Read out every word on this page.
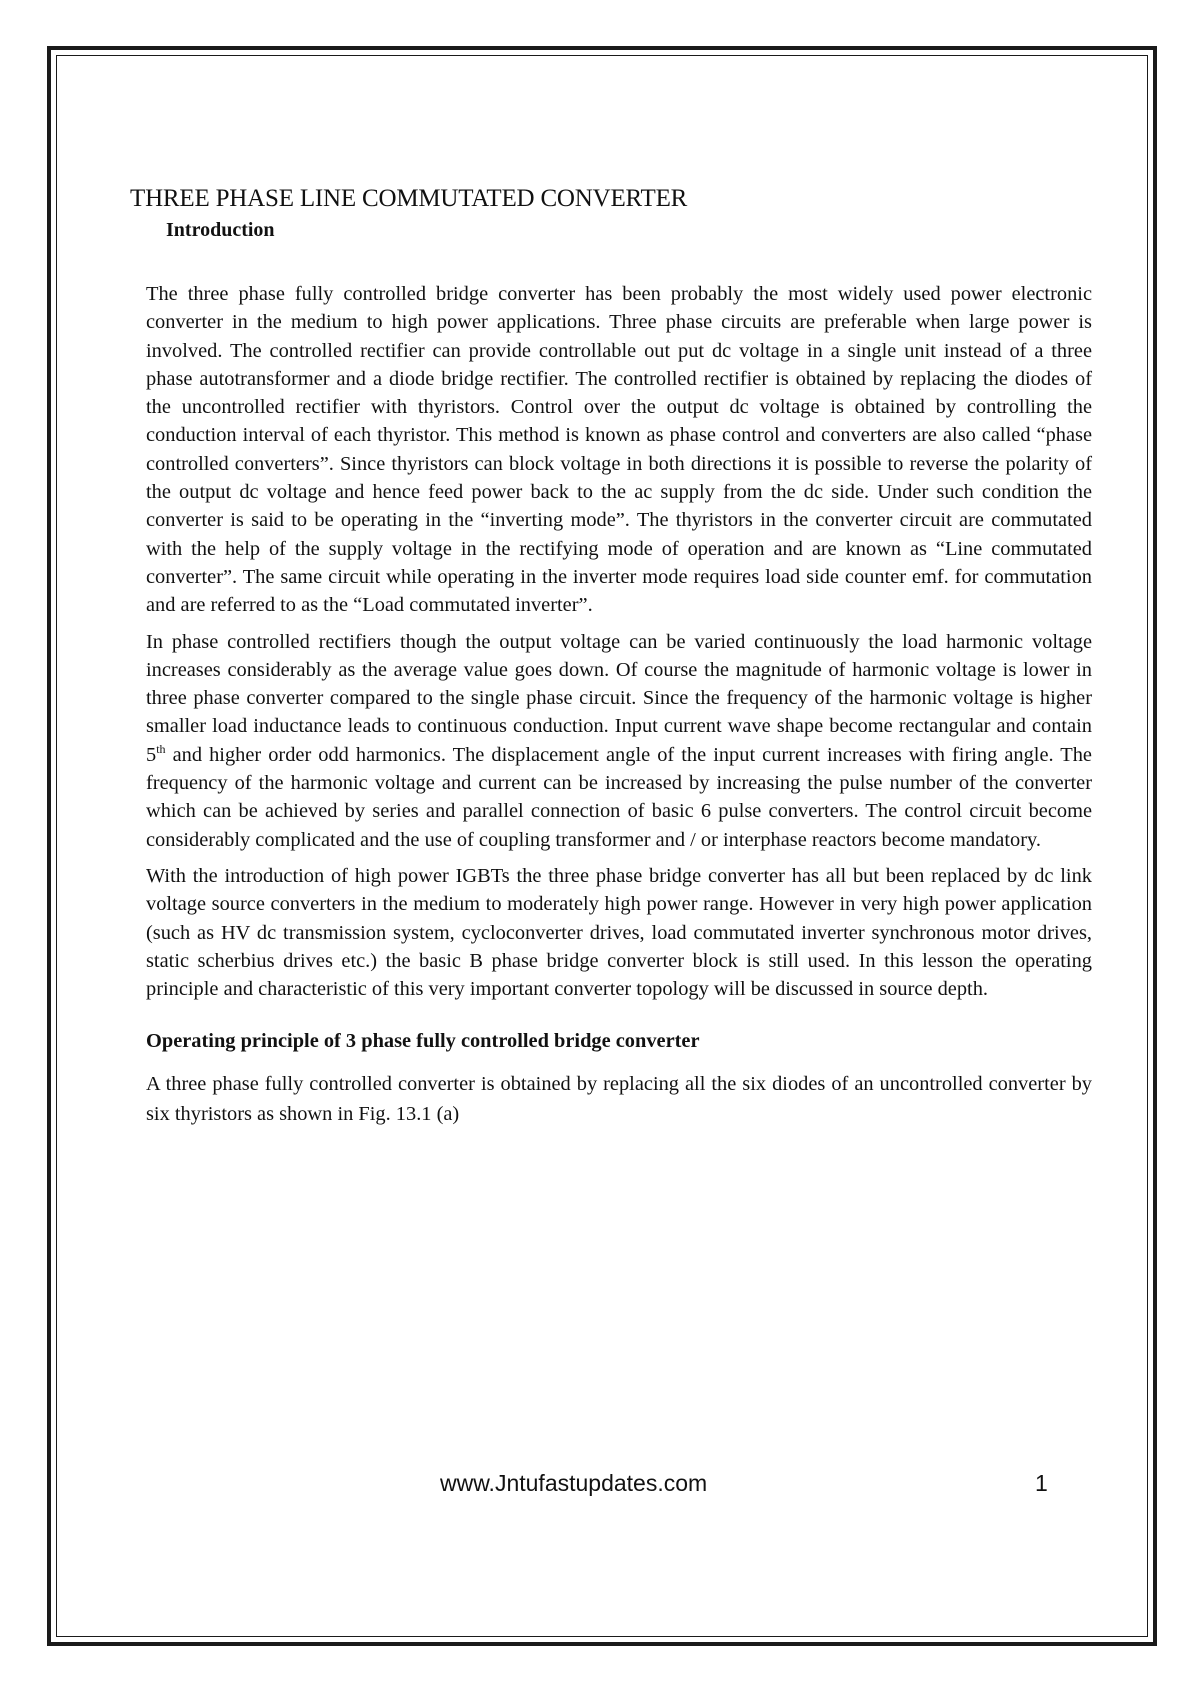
THREE PHASE LINE COMMUTATED CONVERTER
Introduction

The three phase fully controlled bridge converter has been probably the most widely used power electronic converter in the medium to high power applications. Three phase circuits are preferable when large power is involved. The controlled rectifier can provide controllable out put dc voltage in a single unit instead of a three phase autotransformer and a diode bridge rectifier. The controlled rectifier is obtained by replacing the diodes of the uncontrolled rectifier with thyristors. Control over the output dc voltage is obtained by controlling the conduction interval of each thyristor. This method is known as phase control and converters are also called “phase controlled converters”. Since thyristors can block voltage in both directions it is possible to reverse the polarity of the output dc voltage and hence feed power back to the ac supply from the dc side. Under such condition the converter is said to be operating in the “inverting mode”. The thyristors in the converter circuit are commutated with the help of the supply voltage in the rectifying mode of operation and are known as “Line commutated converter”. The same circuit while operating in the inverter mode requires load side counter emf. for commutation and are referred to as the “Load commutated inverter”.

In phase controlled rectifiers though the output voltage can be varied continuously the load harmonic voltage increases considerably as the average value goes down. Of course the magnitude of harmonic voltage is lower in three phase converter compared to the single phase circuit. Since the frequency of the harmonic voltage is higher smaller load inductance leads to continuous conduction. Input current wave shape become rectangular and contain 5th and higher order odd harmonics. The displacement angle of the input current increases with firing angle. The frequency of the harmonic voltage and current can be increased by increasing the pulse number of the converter which can be achieved by series and parallel connection of basic 6 pulse converters. The control circuit become considerably complicated and the use of coupling transformer and / or interphase reactors become mandatory.

With the introduction of high power IGBTs the three phase bridge converter has all but been replaced by dc link voltage source converters in the medium to moderately high power range. However in very high power application (such as HV dc transmission system, cycloconverter drives, load commutated inverter synchronous motor drives, static scherbius drives etc.) the basic B phase bridge converter block is still used. In this lesson the operating principle and characteristic of this very important converter topology will be discussed in source depth.

Operating principle of 3 phase fully controlled bridge converter

A three phase fully controlled converter is obtained by replacing all the six diodes of an uncontrolled converter by six thyristors as shown in Fig. 13.1 (a)

www.Jntufastupdates.com	1
